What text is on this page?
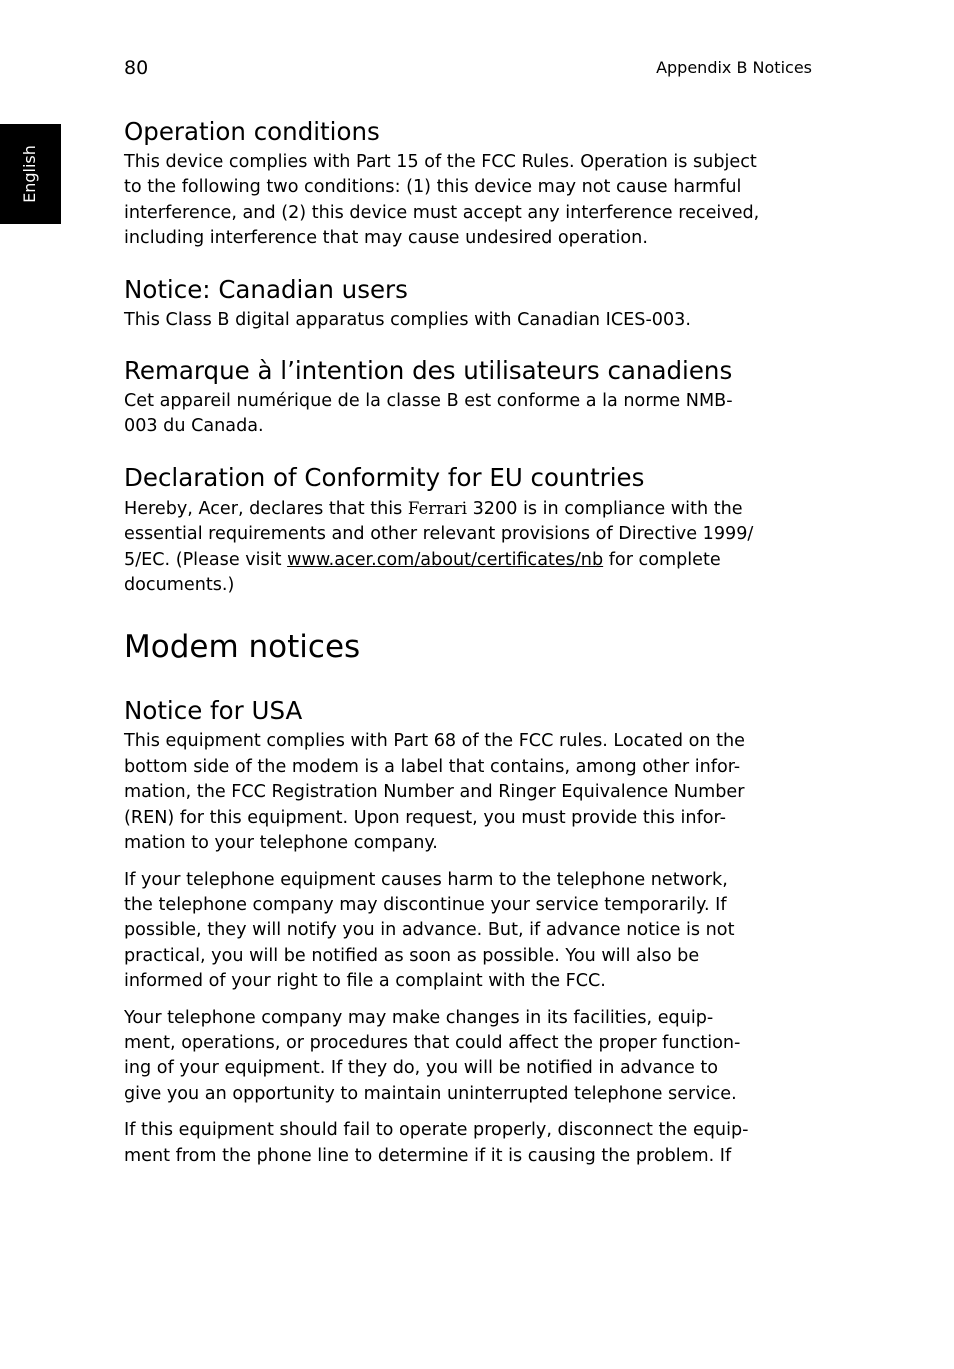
80	Appendix B Notices
English
Operation conditions

This device complies with Part 15 of the FCC Rules. Operation is subject
to the following two conditions: (1) this device may not cause harmful
interference, and (2) this device must accept any interference received,
including interference that may cause undesired operation.

Notice: Canadian users

This Class B digital apparatus complies with Canadian ICES-003.

Remarque à l’intention des utilisateurs canadiens

Cet appareil numérique de la classe B est conforme a la norme NMB-
003 du Canada.

Declaration of Conformity for EU countries

Hereby, Acer, declares that this Ferrari 3200 is in compliance with the
essential requirements and other relevant provisions of Directive 1999/
5/EC. (Please visit www.acer.com/about/certificates/nb for complete
documents.)

Modem notices
Notice for USA

This equipment complies with Part 68 of the FCC rules. Located on the
bottom side of the modem is a label that contains, among other infor-
mation, the FCC Registration Number and Ringer Equivalence Number
(REN) for this equipment. Upon request, you must provide this infor-
mation to your telephone company.

If your telephone equipment causes harm to the telephone network,
the telephone company may discontinue your service temporarily. If
possible, they will notify you in advance. But, if advance notice is not
practical, you will be notified as soon as possible. You will also be
informed of your right to file a complaint with the FCC.

Your telephone company may make changes in its facilities, equip-
ment, operations, or procedures that could affect the proper function-
ing of your equipment. If they do, you will be notified in advance to
give you an opportunity to maintain uninterrupted telephone service.

If this equipment should fail to operate properly, disconnect the equip-
ment from the phone line to determine if it is causing the problem. If
